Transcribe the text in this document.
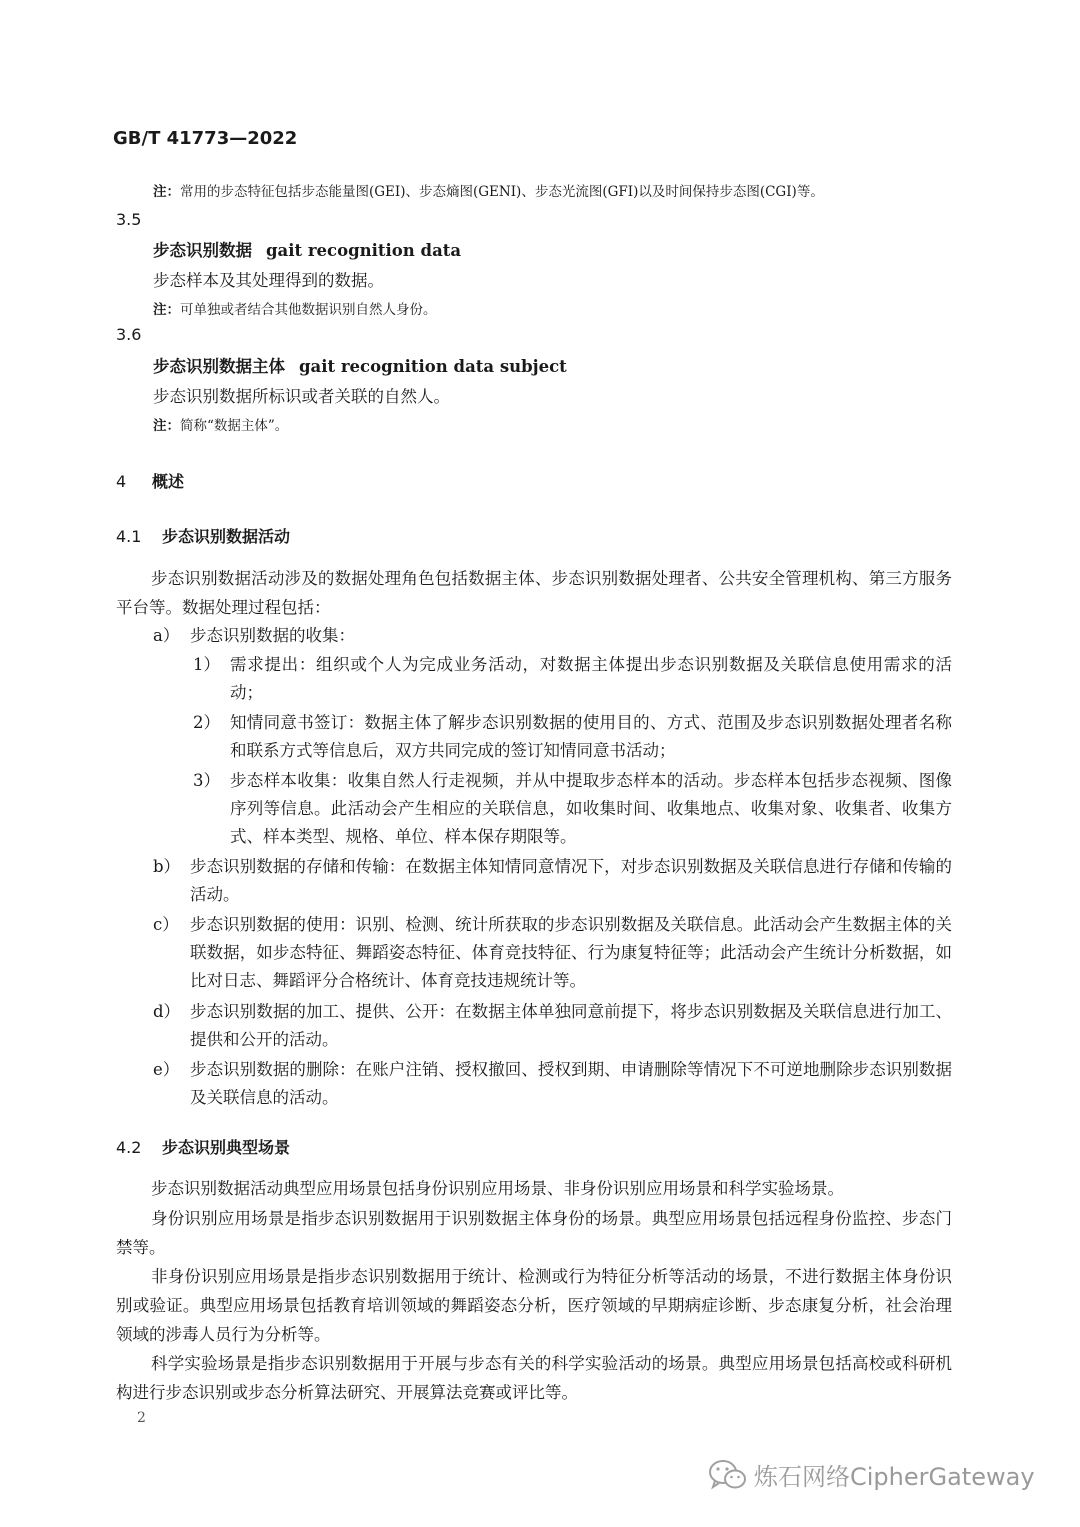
GB/T 41773—2022
注：常用的步态特征包括步态能量图(GEI)、步态熵图(GENI)、步态光流图(GFI)以及时间保持步态图(CGI)等。
3.5
步态识别数据 gait recognition data
步态样本及其处理得到的数据。
注：可单独或者结合其他数据识别自然人身份。
3.6
步态识别数据主体 gait recognition data subject
步态识别数据所标识或者关联的自然人。
注：简称“数据主体”。
4 概述
4.1 步态识别数据活动
步态识别数据活动涉及的数据处理角色包括数据主体、步态识别数据处理者、公共安全管理机构、第三方服务平台等。数据处理过程包括：
a） 步态识别数据的收集：
1） 需求提出：组织或个人为完成业务活动，对数据主体提出步态识别数据及关联信息使用需求的活动；
2） 知情同意书签订：数据主体了解步态识别数据的使用目的、方式、范围及步态识别数据处理者名称和联系方式等信息后，双方共同完成的签订知情同意书活动；
3） 步态样本收集：收集自然人行走视频，并从中提取步态样本的活动。步态样本包括步态视频、图像序列等信息。此活动会产生相应的关联信息，如收集时间、收集地点、收集对象、收集者、收集方式、样本类型、规格、单位、样本保存期限等。
b） 步态识别数据的存储和传输：在数据主体知情同意情况下，对步态识别数据及关联信息进行存储和传输的活动。
c） 步态识别数据的使用：识别、检测、统计所获取的步态识别数据及关联信息。此活动会产生数据主体的关联数据，如步态特征、舞蹈姿态特征、体育竞技特征、行为康复特征等；此活动会产生统计分析数据，如比对日志、舞蹈评分合格统计、体育竞技违规统计等。
d） 步态识别数据的加工、提供、公开：在数据主体单独同意前提下，将步态识别数据及关联信息进行加工、提供和公开的活动。
e） 步态识别数据的删除：在账户注销、授权撤回、授权到期、申请删除等情况下不可逆地删除步态识别数据及关联信息的活动。
4.2 步态识别典型场景
步态识别数据活动典型应用场景包括身份识别应用场景、非身份识别应用场景和科学实验场景。
身份识别应用场景是指步态识别数据用于识别数据主体身份的场景。典型应用场景包括远程身份监控、步态门禁等。
非身份识别应用场景是指步态识别数据用于统计、检测或行为特征分析等活动的场景，不进行数据主体身份识别或验证。典型应用场景包括教育培训领域的舞蹈姿态分析，医疗领域的早期病症诊断、步态康复分析，社会治理领域的涉毒人员行为分析等。
科学实验场景是指步态识别数据用于开展与步态有关的科学实验活动的场景。典型应用场景包括高校或科研机构进行步态识别或步态分析算法研究、开展算法竞赛或评比等。
2
炼石网络CipherGateway
